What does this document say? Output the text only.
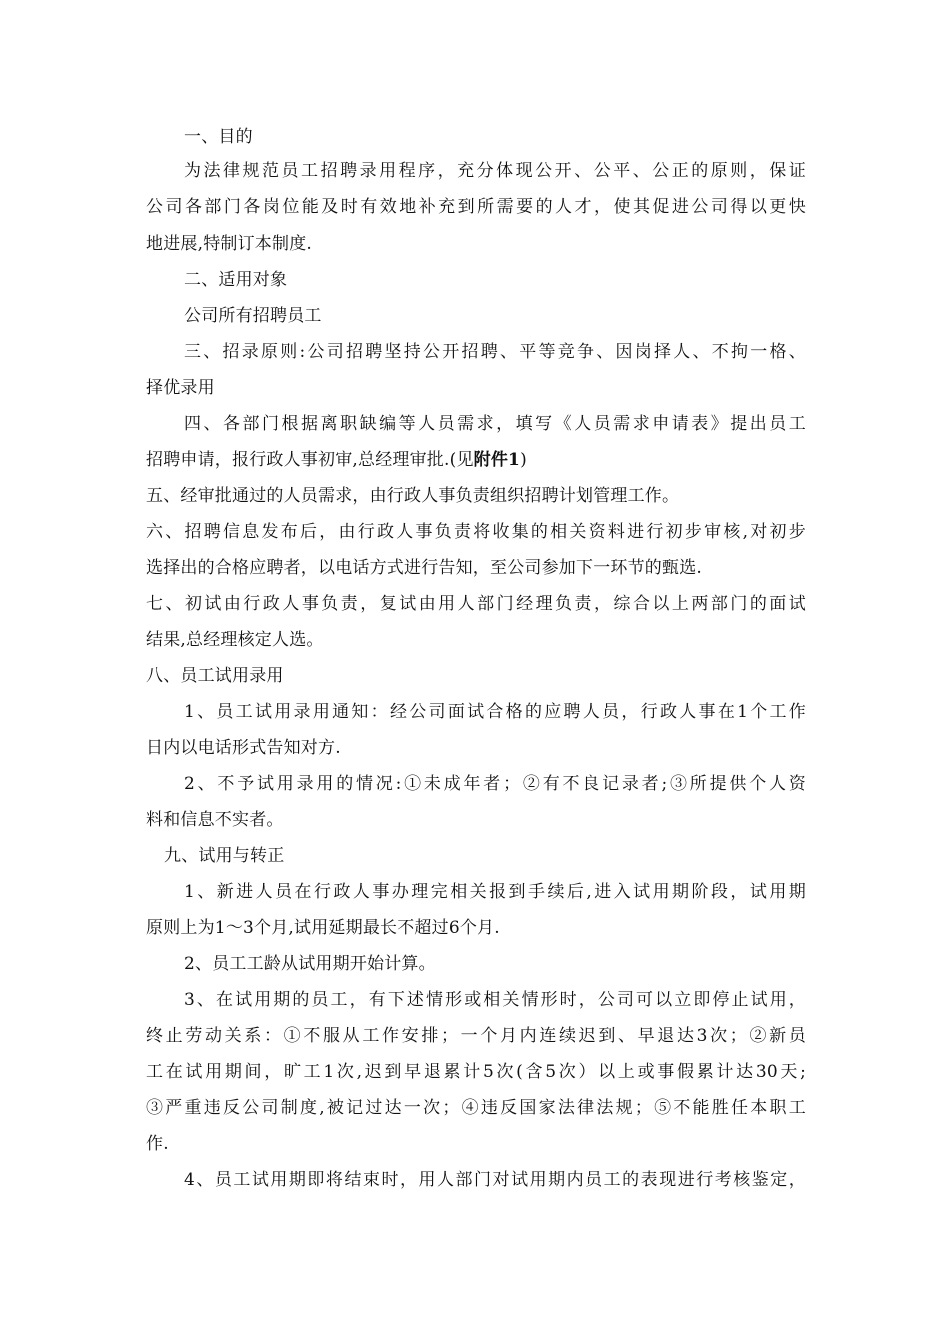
一、目的
为法律规范员工招聘录用程序，充分体现公开、公平、公正的原则，保证
公司各部门各岗位能及时有效地补充到所需要的人才，使其促进公司得以更快
地进展,特制订本制度.
二、适用对象
公司所有招聘员工
三、招录原则:公司招聘坚持公开招聘、平等竞争、因岗择人、不拘一格、
择优录用
四、各部门根据离职缺编等人员需求，填写《人员需求申请表》提出员工
招聘申请，报行政人事初审,总经理审批.(见附件1)
五、经审批通过的人员需求，由行政人事负责组织招聘计划管理工作。
六、招聘信息发布后，由行政人事负责将收集的相关资料进行初步审核,对初步
选择出的合格应聘者，以电话方式进行告知，至公司参加下一环节的甄选.
七、初试由行政人事负责，复试由用人部门经理负责，综合以上两部门的面试
结果,总经理核定人选。
八、员工试用录用
1、员工试用录用通知：经公司面试合格的应聘人员，行政人事在1个工作
日内以电话形式告知对方.
2、不予试用录用的情况:①未成年者；②有不良记录者;③所提供个人资
料和信息不实者。
九、试用与转正
1、新进人员在行政人事办理完相关报到手续后,进入试用期阶段，试用期
原则上为1～3个月,试用延期最长不超过6个月.
2、员工工龄从试用期开始计算。
3、在试用期的员工，有下述情形或相关情形时，公司可以立即停止试用，
终止劳动关系：①不服从工作安排；一个月内连续迟到、早退达3次；②新员
工在试用期间，旷工1次,迟到早退累计5次(含5次）以上或事假累计达30天;
③严重违反公司制度,被记过达一次；④违反国家法律法规；⑤不能胜任本职工
作.
4、员工试用期即将结束时，用人部门对试用期内员工的表现进行考核鉴定，
